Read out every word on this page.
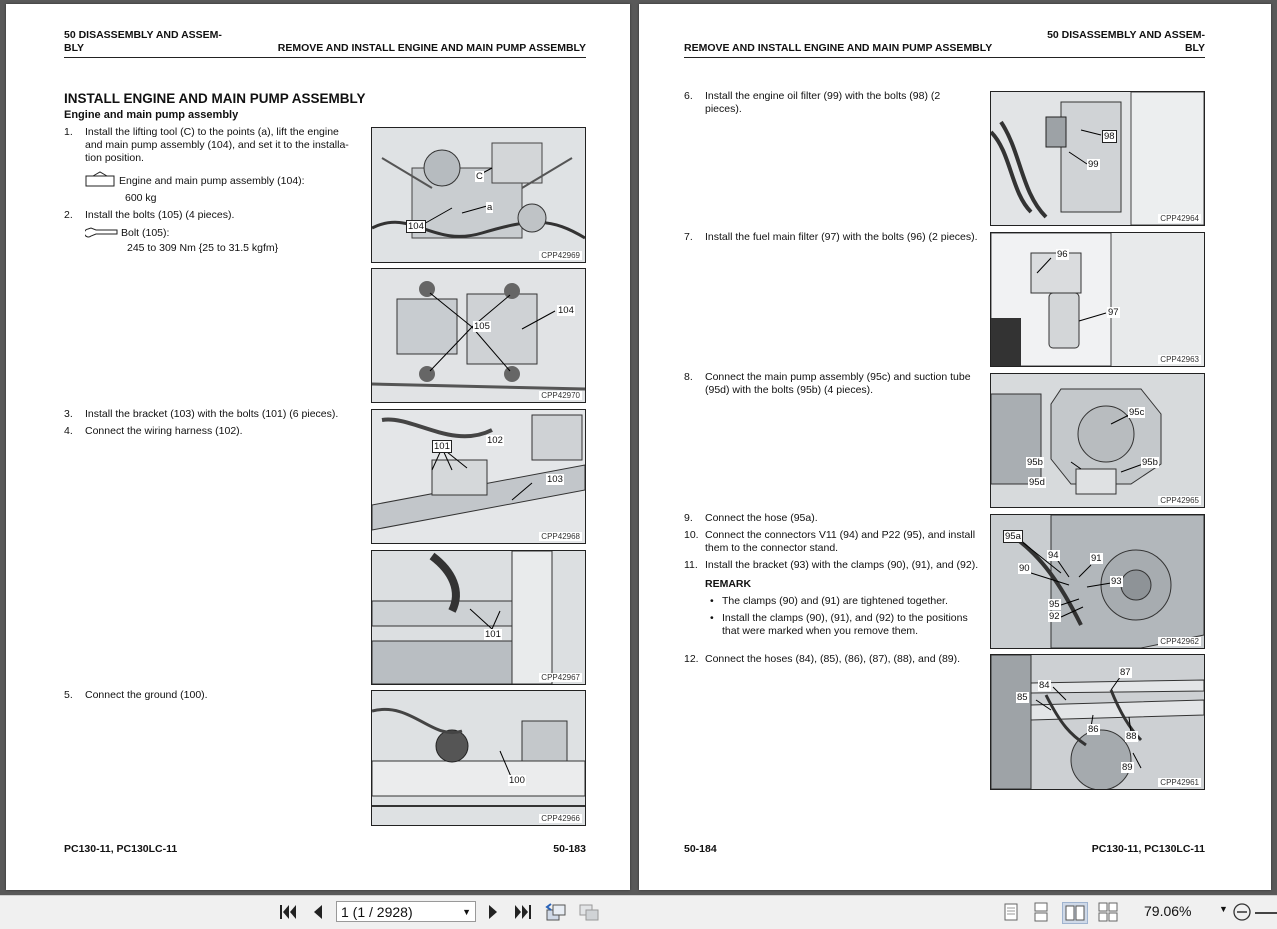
50 DISASSEMBLY AND ASSEM-
BLY	REMOVE AND INSTALL ENGINE AND MAIN PUMP ASSEMBLY
INSTALL ENGINE AND MAIN PUMP ASSEMBLY
Engine and main pump assembly
1. Install the lifting tool (C) to the points (a), lift the engine
and main pump assembly (104), and set it to the installa-
tion position.
Engine and main pump assembly (104):
600 kg
2. Install the bolts (105) (4 pieces).
Bolt (105):
245 to 309 Nm {25 to 31.5 kgfm}
3. Install the bracket (103) with the bolts (101) (6 pieces).
4. Connect the wiring harness (102).
5. Connect the ground (100).
C
a
104
CPP42969
105
104
CPP42970
101
102
103
CPP42968
101
CPP42967
100
CPP42966
PC130-11, PC130LC-11	50-183
REMOVE AND INSTALL ENGINE AND MAIN PUMP ASSEMBLY
50 DISASSEMBLY AND ASSEM-
BLY
6. Install the engine oil filter (99) with the bolts (98) (2
pieces).
7. Install the fuel main filter (97) with the bolts (96) (2 pieces).
8. Connect the main pump assembly (95c) and suction tube
(95d) with the bolts (95b) (4 pieces).
9. Connect the hose (95a).
10. Connect the connectors V11 (94) and P22 (95), and install
them to the connector stand.
11. Install the bracket (93) with the clamps (90), (91), and (92).
REMARK
• The clamps (90) and (91) are tightened together.
• Install the clamps (90), (91), and (92) to the positions
that were marked when you remove them.
12. Connect the hoses (84), (85), (86), (87), (88), and (89).
98
99
CPP42964
96
97
CPP42963
95c
95b	95b
95d
CPP42965
95a
94	91
90
93
95
92
CPP42962
84
87
85
86
88
89
CPP42961
50-184	PC130-11, PC130LC-11
1 (1 / 2928)	▼	79.06%	▼
